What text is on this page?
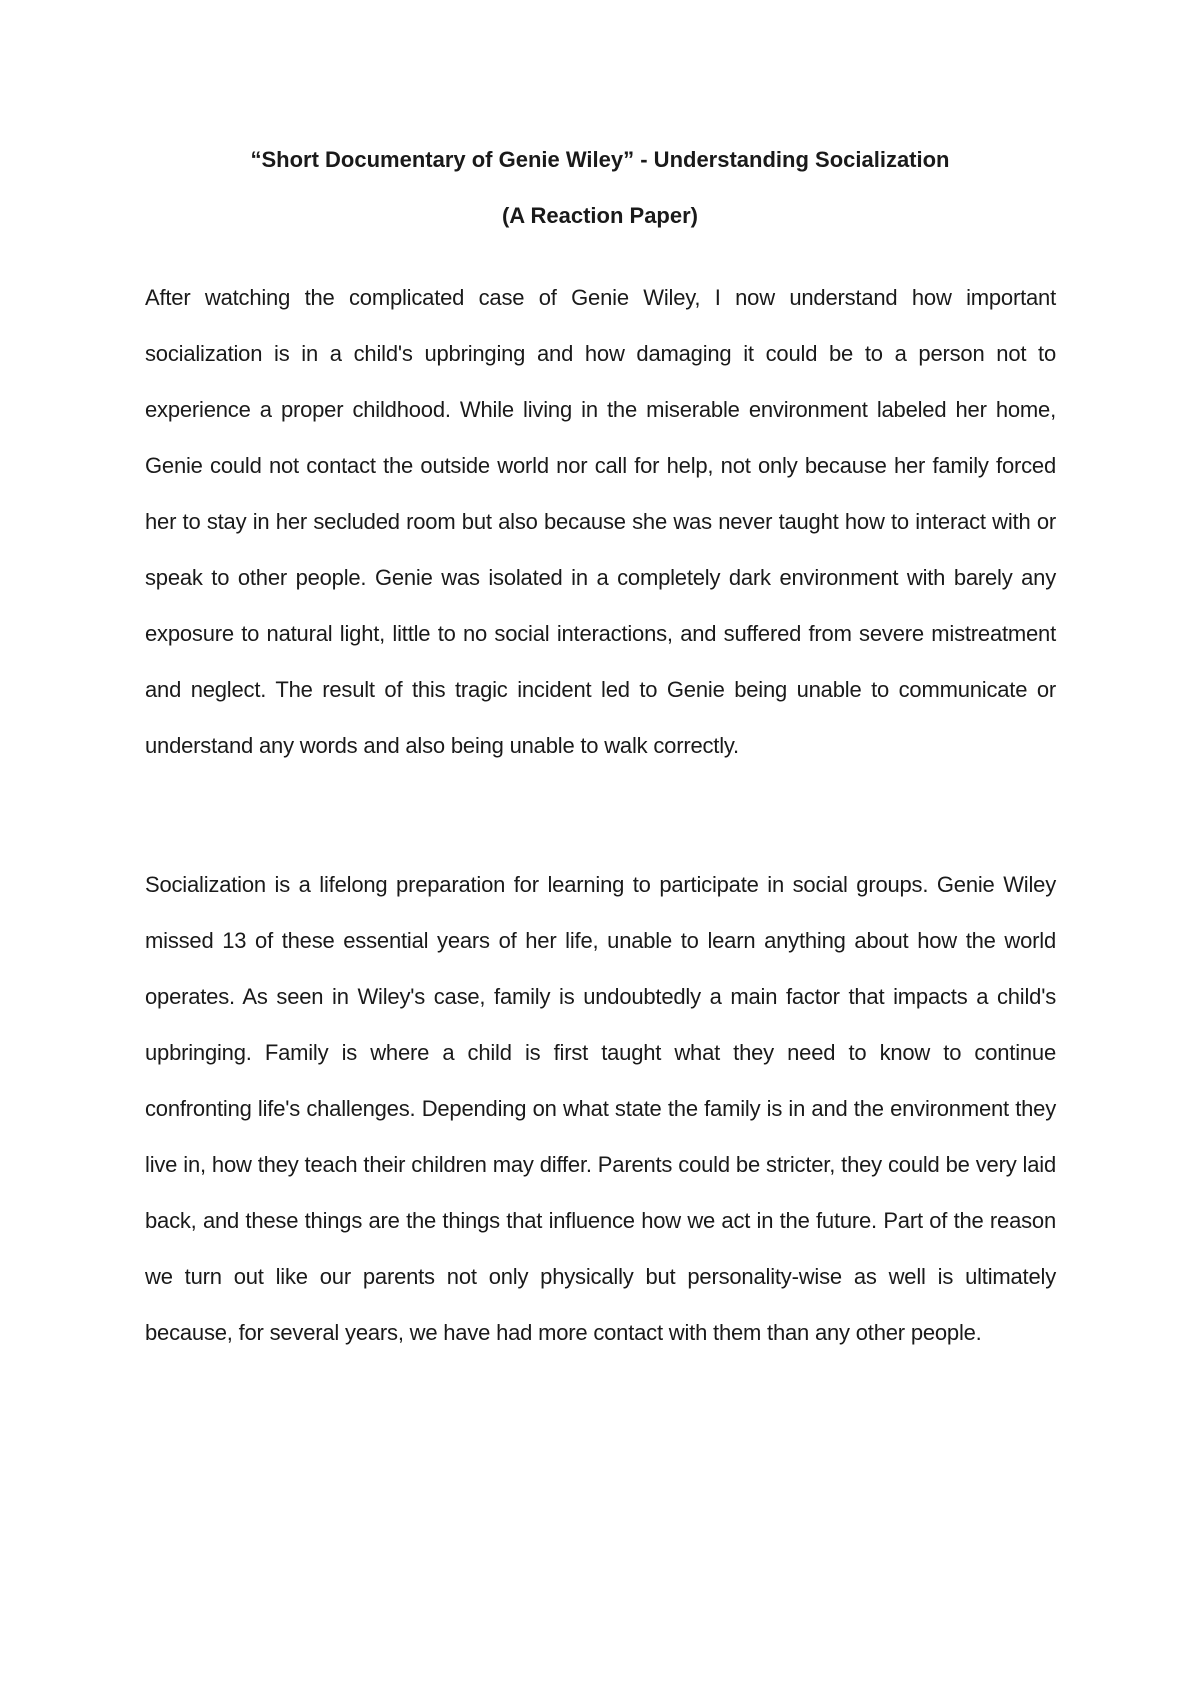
“Short Documentary of Genie Wiley” - Understanding Socialization
(A Reaction Paper)

After watching the complicated case of Genie Wiley, I now understand how important socialization is in a child's upbringing and how damaging it could be to a person not to experience a proper childhood. While living in the miserable environment labeled her home, Genie could not contact the outside world nor call for help, not only because her family forced her to stay in her secluded room but also because she was never taught how to interact with or speak to other people. Genie was isolated in a completely dark environment with barely any exposure to natural light, little to no social interactions, and suffered from severe mistreatment and neglect. The result of this tragic incident led to Genie being unable to communicate or understand any words and also being unable to walk correctly.

Socialization is a lifelong preparation for learning to participate in social groups. Genie Wiley missed 13 of these essential years of her life, unable to learn anything about how the world operates. As seen in Wiley's case, family is undoubtedly a main factor that impacts a child's upbringing. Family is where a child is first taught what they need to know to continue confronting life's challenges. Depending on what state the family is in and the environment they live in, how they teach their children may differ. Parents could be stricter, they could be very laid back, and these things are the things that influence how we act in the future. Part of the reason we turn out like our parents not only physically but personality-wise as well is ultimately because, for several years, we have had more contact with them than any other people.
